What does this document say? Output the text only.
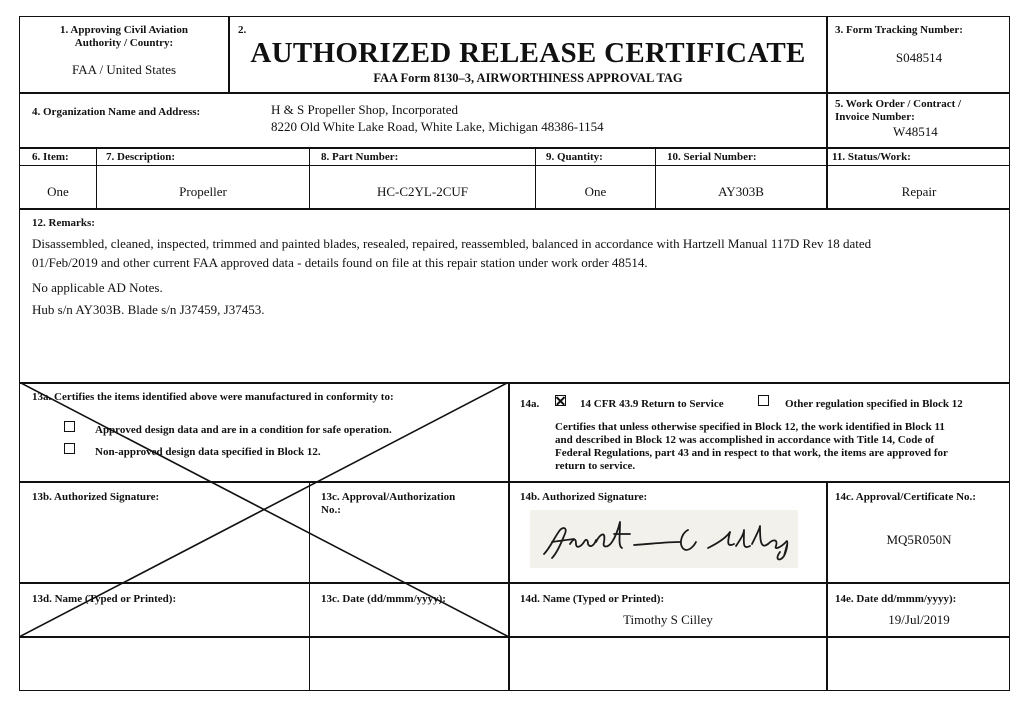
1. Approving Civil Aviation
Authority / Country:
FAA / United States
2.
AUTHORIZED RELEASE CERTIFICATE
FAA Form 8130–3, AIRWORTHINESS APPROVAL TAG
3. Form Tracking Number:
S048514
4. Organization Name and Address:	H & S Propeller Shop, Incorporated
8220 Old White Lake Road, White Lake, Michigan 48386-1154
5. Work Order / Contract /
Invoice Number:
W48514
6. Item:	7. Description:	8. Part Number:	9. Quantity:	10. Serial Number:	11. Status/Work:
One	Propeller	HC-C2YL-2CUF	One	AY303B	Repair
12. Remarks:
Disassembled, cleaned, inspected, trimmed and painted blades, resealed, repaired, reassembled, balanced in accordance with Hartzell Manual 117D Rev 18 dated
01/Feb/2019 and other current FAA approved data - details found on file at this repair station under work order 48514.
No applicable AD Notes.
Hub s/n AY303B. Blade s/n J37459, J37453.
13a. Certifies the items identified above were manufactured in conformity to:
Approved design data and are in a condition for safe operation.
Non-approved design data specified in Block 12.
14a.	14 CFR 43.9 Return to Service	Other regulation specified in Block 12
Certifies that unless otherwise specified in Block 12, the work identified in Block 11
and described in Block 12 was accomplished in accordance with Title 14, Code of
Federal Regulations, part 43 and in respect to that work, the items are approved for
return to service.
13b. Authorized Signature:	13c. Approval/Authorization
No.:
14b. Authorized Signature:	14c. Approval/Certificate No.:
MQ5R050N
13d. Name (Typed or Printed):	13c. Date (dd/mmm/yyyy):	14d. Name (Typed or Printed):
Timothy S Cilley
14e. Date dd/mmm/yyyy):
19/Jul/2019
